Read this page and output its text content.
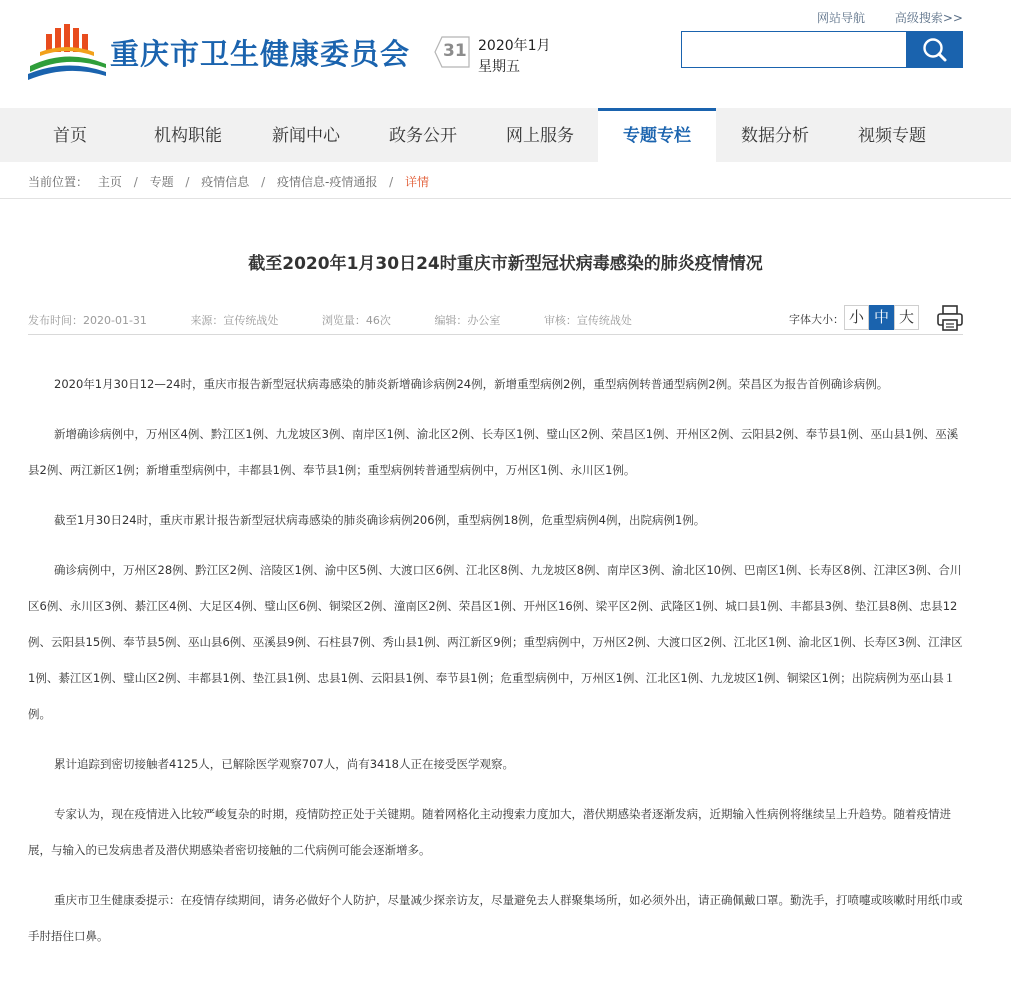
重庆市卫生健康委员会 31 2020年1月
星期五
网站导航 高级搜索>>
首页	机构职能	新闻中心	政务公开	网上服务	专题专栏	数据分析	视频专题
当前位置： 主页 / 专题 / 疫情信息 / 疫情信息-疫情通报 / 详情
截至2020年1月30日24时重庆市新型冠状病毒感染的肺炎疫情情况
发布时间：2020-01-31	来源：宣传统战处	浏览量：46次	编辑：办公室	审核：宣传统战处	字体大小： 小 中 大

2020年1月30日12—24时，重庆市报告新型冠状病毒感染的肺炎新增确诊病例24例，新增重型病例2例，重型病例转普通型病例2例。荣昌区为报告首例确诊病例。

新增确诊病例中，万州区4例、黔江区1例、九龙坡区3例、南岸区1例、渝北区2例、长寿区1例、璧山区2例、荣昌区1例、开州区2例、云阳县2例、奉节县1例、巫山县1例、巫溪县2例、两江新区1例；新增重型病例中，丰都县1例、奉节县1例；重型病例转普通型病例中，万州区1例、永川区1例。

截至1月30日24时，重庆市累计报告新型冠状病毒感染的肺炎确诊病例206例，重型病例18例，危重型病例4例，出院病例1例。

确诊病例中，万州区28例、黔江区2例、涪陵区1例、渝中区5例、大渡口区6例、江北区8例、九龙坡区8例、南岸区3例、渝北区10例、巴南区1例、长寿区8例、江津区3例、合川区6例、永川区3例、綦江区4例、大足区4例、璧山区6例、铜梁区2例、潼南区2例、荣昌区1例、开州区16例、梁平区2例、武隆区1例、城口县1例、丰都县3例、垫江县8例、忠县12例、云阳县15例、奉节县5例、巫山县6例、巫溪县9例、石柱县7例、秀山县1例、两江新区9例；重型病例中，万州区2例、大渡口区2例、江北区1例、渝北区1例、长寿区3例、江津区1例、綦江区1例、璧山区2例、丰都县1例、垫江县1例、忠县1例、云阳县1例、奉节县1例；危重型病例中，万州区1例、江北区1例、九龙坡区1例、铜梁区1例；出院病例为巫山县１例。

累计追踪到密切接触者4125人，已解除医学观察707人，尚有3418人正在接受医学观察。

专家认为，现在疫情进入比较严峻复杂的时期，疫情防控正处于关键期。随着网格化主动搜索力度加大，潜伏期感染者逐渐发病，近期输入性病例将继续呈上升趋势。随着疫情进展，与输入的已发病患者及潜伏期感染者密切接触的二代病例可能会逐渐增多。

重庆市卫生健康委提示：在疫情存续期间，请务必做好个人防护，尽量减少探亲访友，尽量避免去人群聚集场所，如必须外出，请正确佩戴口罩。勤洗手，打喷嚏或咳嗽时用纸巾或手肘捂住口鼻。
